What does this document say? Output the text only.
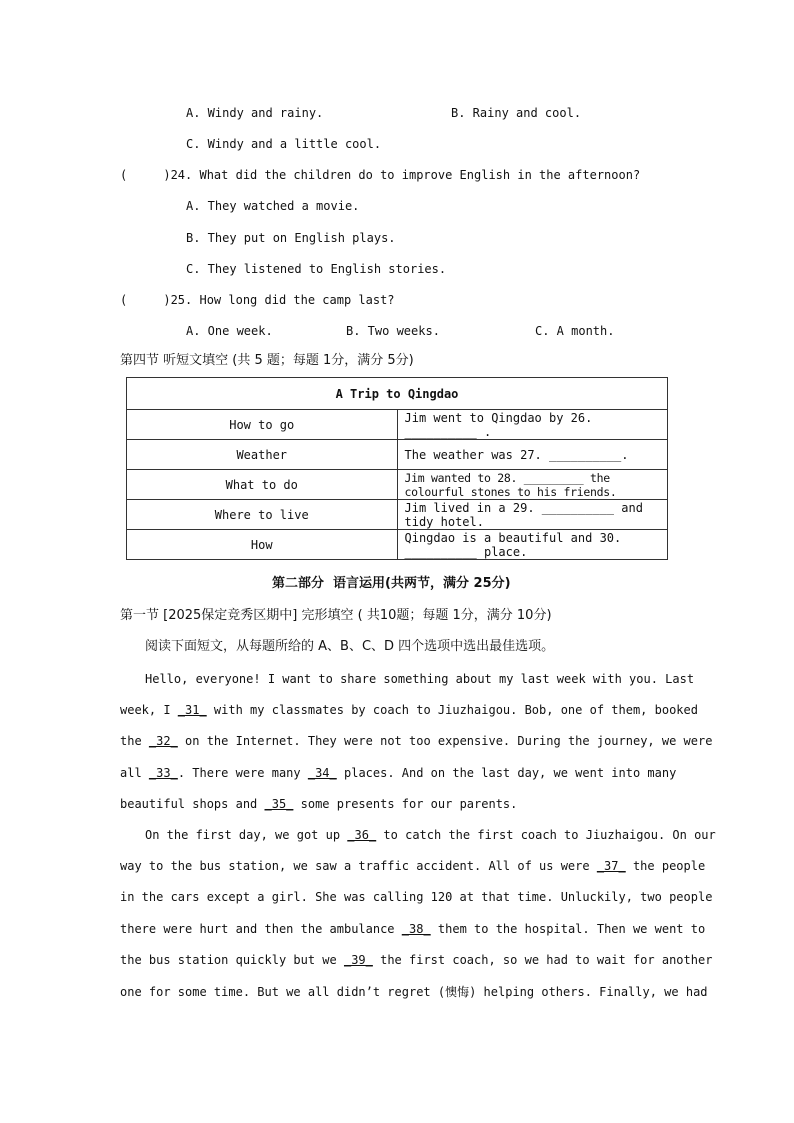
A. Windy and rainy.	B. Rainy and cool.
C. Windy and a little cool.
(     )24. What did the children do to improve English in the afternoon?
A. They watched a movie.
B. They put on English plays.
C. They listened to English stories.
(     )25. How long did the camp last?
A. One week.	B. Two weeks.	C. A month.
第四节 听短文填空 (共 5 题；每题 1分，满分 5分)
A Trip to Qingdao	
How to go	Jim went to Qingdao by 26. __________ .
Weather	The weather was 27. __________.
What to do	Jim wanted to 28. _________ the colourful stones to his friends.
Where to live	Jim lived in a 29. __________ and tidy hotel.
How	Qingdao is a beautiful and 30. __________ place.
第二部分  语言运用(共两节，满分 25分)
第一节 [2025保定竞秀区期中] 完形填空 ( 共10题；每题 1分，满分 10分)
阅读下面短文，从每题所给的 A、B、C、D 四个选项中选出最佳选项。
Hello, everyone! I want to share something about my last week with you. Last
week, I _31_ with my classmates by coach to Jiuzhaigou. Bob, one of them, booked
the _32_ on the Internet. They were not too expensive. During the journey, we were
all _33_. There were many _34_ places. And on the last day, we went into many
beautiful shops and _35_ some presents for our parents.
On the first day, we got up _36_ to catch the first coach to Jiuzhaigou. On our
way to the bus station, we saw a traffic accident. All of us were _37_ the people
in the cars except a girl. She was calling 120 at that time. Unluckily, two people
there were hurt and then the ambulance _38_ them to the hospital. Then we went to
the bus station quickly but we _39_ the first coach, so we had to wait for another
one for some time. But we all didn’t regret (懊悔) helping others. Finally, we had
